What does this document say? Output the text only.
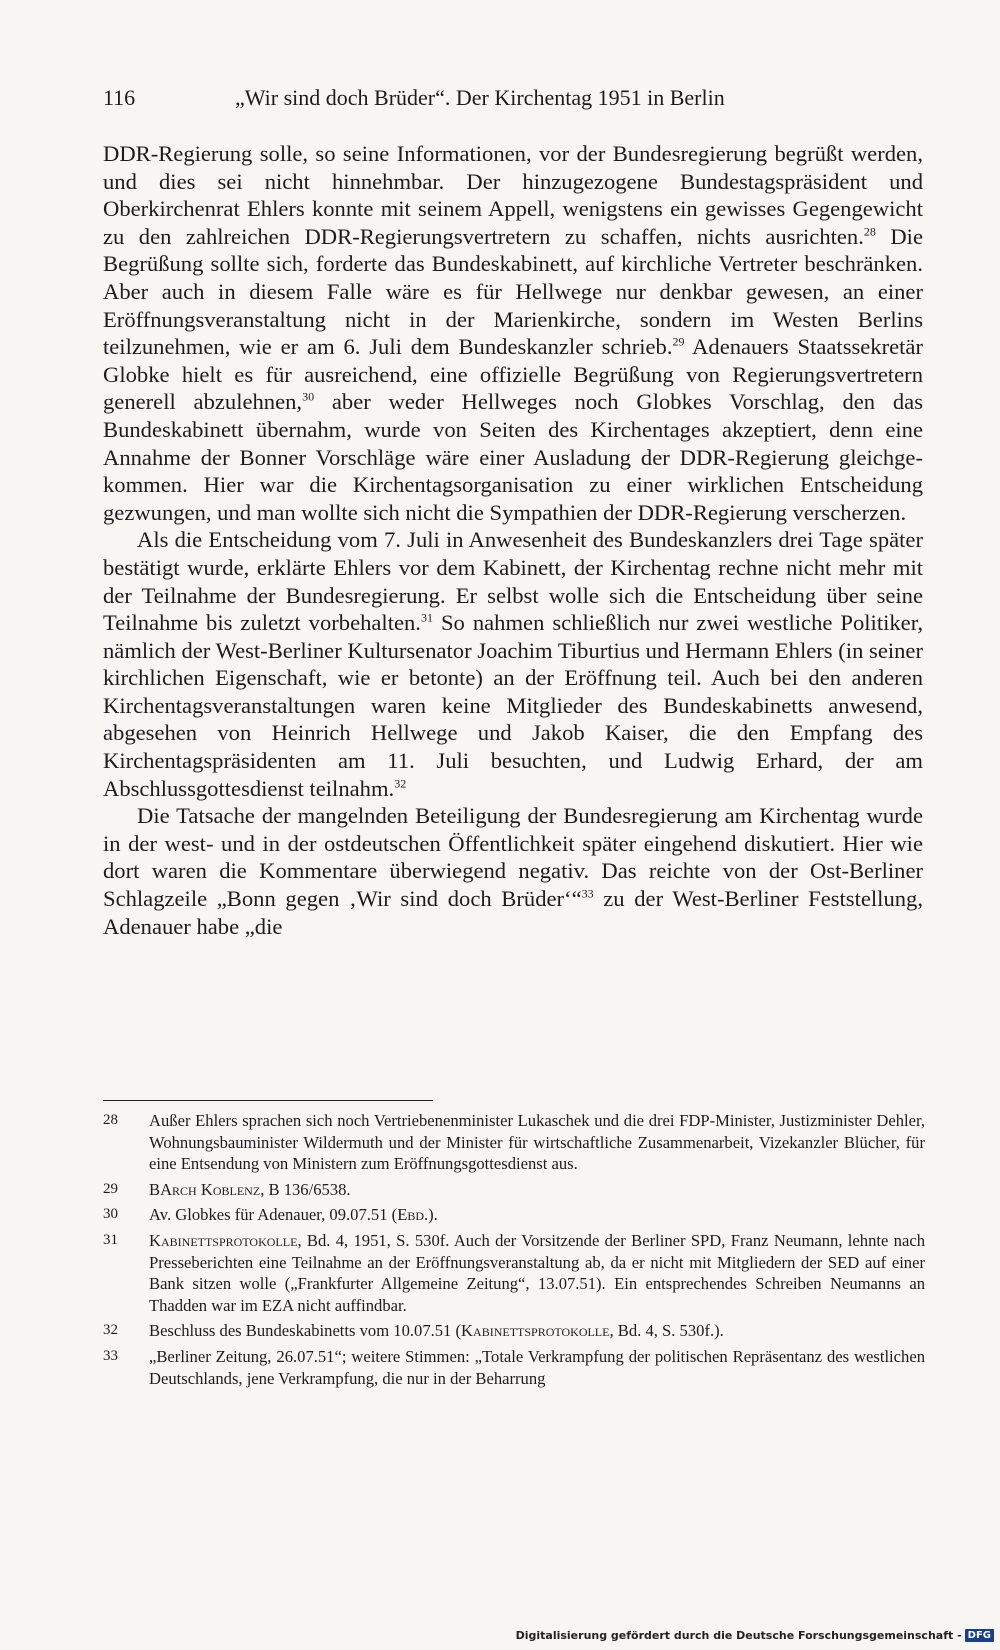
116	„Wir sind doch Brüder“. Der Kirchentag 1951 in Berlin

DDR-Regierung solle, so seine Informationen, vor der Bundesregierung begrüßt werden, und dies sei nicht hinnehmbar. Der hinzugezogene Bundestagspräsident und Oberkirchenrat Ehlers konnte mit seinem Appell, wenigstens ein gewisses Gegengewicht zu den zahlreichen DDR-Regierungsvertretern zu schaffen, nichts ausrichten.$^{28}$ Die Begrüßung sollte sich, forderte das Bundeskabinett, auf kirchliche Vertreter beschränken. Aber auch in diesem Falle wäre es für Hellwege nur denkbar gewesen, an einer Eröffnungsveranstaltung nicht in der Marienkirche, sondern im Westen Berlins teilzunehmen, wie er am 6. Juli dem Bundeskanzler schrieb.$^{29}$ Adenauers Staatssekretär Globke hielt es für ausreichend, eine offizielle Begrüßung von Regierungsvertretern generell abzulehnen,$^{30}$ aber weder Hellweges noch Globkes Vorschlag, den das Bundeskabinett übernahm, wurde von Seiten des Kirchentages akzeptiert, denn eine Annahme der Bonner Vorschläge wäre einer Ausladung der DDR-Regierung gleichgekommen. Hier war die Kirchentagsorganisation zu einer wirklichen Entscheidung gezwungen, und man wollte sich nicht die Sympathien der DDR-Regierung verscherzen.

Als die Entscheidung vom 7. Juli in Anwesenheit des Bundeskanzlers drei Tage später bestätigt wurde, erklärte Ehlers vor dem Kabinett, der Kirchentag rechne nicht mehr mit der Teilnahme der Bundesregierung. Er selbst wolle sich die Entscheidung über seine Teilnahme bis zuletzt vorbehalten.$^{31}$ So nahmen schließlich nur zwei westliche Politiker, nämlich der West-Berliner Kultursenator Joachim Tiburtius und Hermann Ehlers (in seiner kirchlichen Eigenschaft, wie er betonte) an der Eröffnung teil. Auch bei den anderen Kirchentagsveranstaltungen waren keine Mitglieder des Bundeskabinetts anwesend, abgesehen von Heinrich Hellwege und Jakob Kaiser, die den Empfang des Kirchentagspräsidenten am 11. Juli besuchten, und Ludwig Erhard, der am Abschlussgottesdienst teilnahm.$^{32}$

Die Tatsache der mangelnden Beteiligung der Bundesregierung am Kirchentag wurde in der west- und in der ostdeutschen Öffentlichkeit später eingehend diskutiert. Hier wie dort waren die Kommentare überwiegend negativ. Das reichte von der Ost-Berliner Schlagzeile „Bonn gegen ‚Wir sind doch Brüder‘“$^{33}$ zu der West-Berliner Feststellung, Adenauer habe „die

28	Außer Ehlers sprachen sich noch Vertriebenenminister Lukaschek und die drei FDP-Minister, Justizminister Dehler, Wohnungsbauminister Wildermuth und der Minister für wirtschaftliche Zusammenarbeit, Vizekanzler Blücher, für eine Entsendung von Ministern zum Eröffnungsgottesdienst aus.
29	BArch Koblenz, B 136/6538.
30	Av. Globkes für Adenauer, 09.07.51 (Ebd.).
31	Kabinettsprotokolle, Bd. 4, 1951, S. 530f. Auch der Vorsitzende der Berliner SPD, Franz Neumann, lehnte nach Presseberichten eine Teilnahme an der Eröffnungsveranstaltung ab, da er nicht mit Mitgliedern der SED auf einer Bank sitzen wolle („Frankfurter Allgemeine Zeitung“, 13.07.51). Ein entsprechendes Schreiben Neumanns an Thadden war im EZA nicht auffindbar.
32	Beschluss des Bundeskabinetts vom 10.07.51 (Kabinettsprotokolle, Bd. 4, S. 530f.).
33	„Berliner Zeitung, 26.07.51“; weitere Stimmen: „Totale Verkrampfung der politischen Repräsentanz des westlichen Deutschlands, jene Verkrampfung, die nur in der Beharrung
Digitalisierung gefördert durch die Deutsche Forschungsgemeinschaft - DFG
